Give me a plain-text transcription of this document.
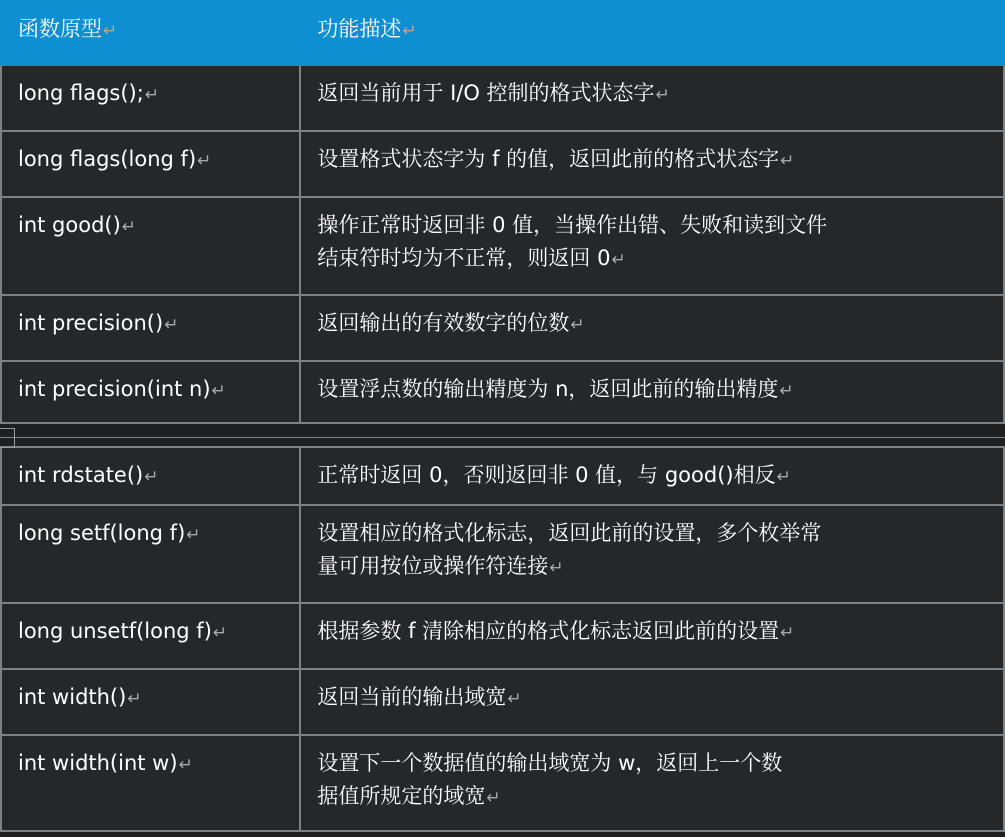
函数原型↵	功能描述↵
long flags();↵	返回当前用于 I/O 控制的格式状态字↵
long flags(long f)↵	设置格式状态字为 f 的值，返回此前的格式状态字↵
int good()↵	操作正常时返回非 0 值，当操作出错、失败和读到文件
结束符时均为不正常，则返回 0↵
int precision()↵	返回输出的有效数字的位数↵
int precision(int n)↵	设置浮点数的输出精度为 n，返回此前的输出精度↵
int rdstate()↵	正常时返回 0，否则返回非 0 值，与 good()相反↵
long setf(long f)↵	设置相应的格式化标志，返回此前的设置，多个枚举常
量可用按位或操作符连接↵
long unsetf(long f)↵	根据参数 f 清除相应的格式化标志返回此前的设置↵
int width()↵	返回当前的输出域宽↵
int width(int w)↵	设置下一个数据值的输出域宽为 w，返回上一个数
据值所规定的域宽↵
